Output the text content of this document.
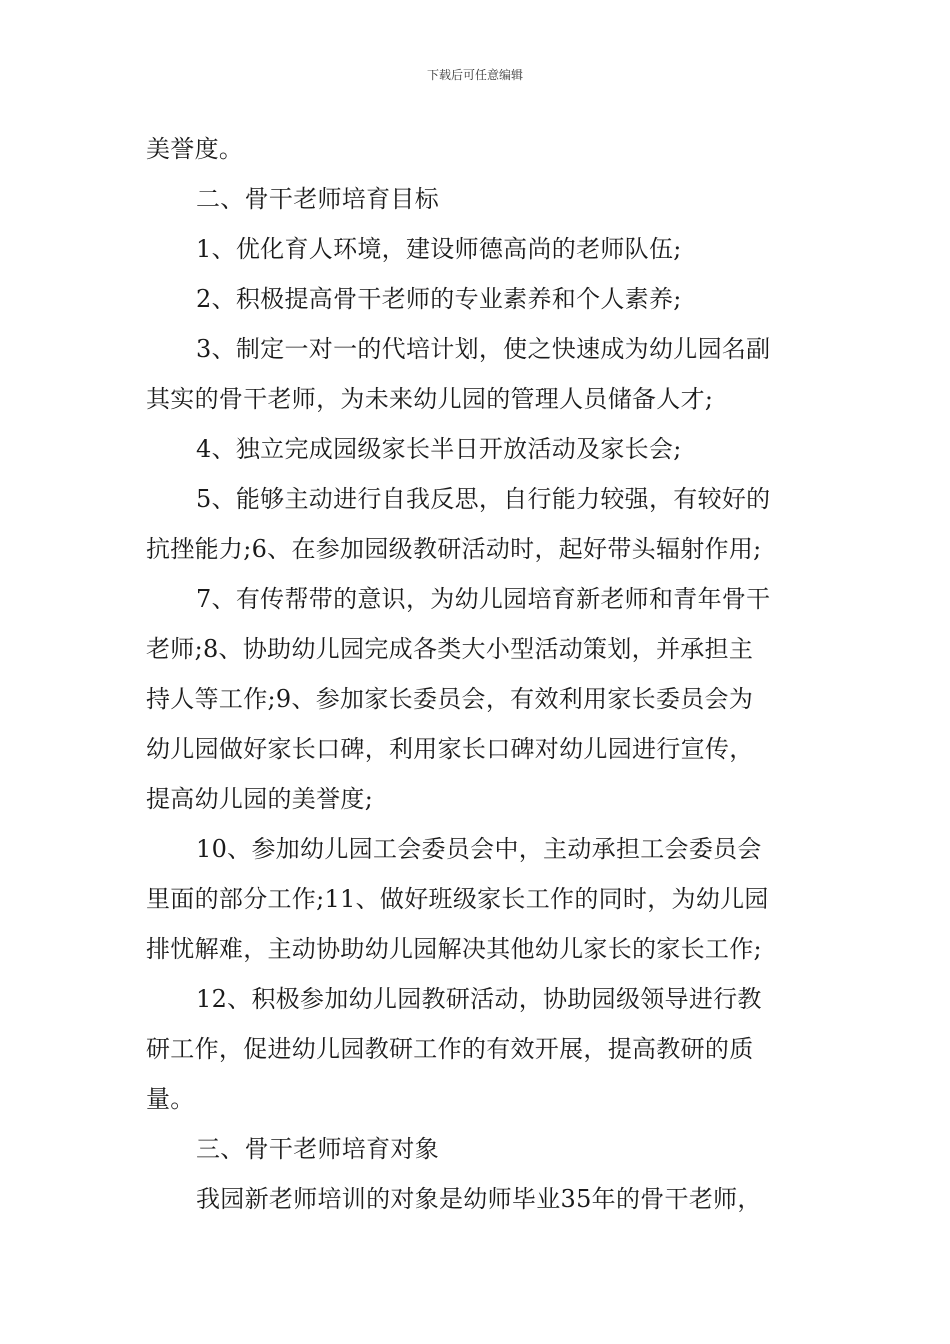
下载后可任意编辑
美誉度。
二、骨干老师培育目标
1、优化育人环境，建设师德高尚的老师队伍;
2、积极提高骨干老师的专业素养和个人素养;
3、制定一对一的代培计划，使之快速成为幼儿园名副
其实的骨干老师，为未来幼儿园的管理人员储备人才;
4、独立完成园级家长半日开放活动及家长会;
5、能够主动进行自我反思，自行能力较强，有较好的
抗挫能力;6、在参加园级教研活动时，起好带头辐射作用;
7、有传帮带的意识，为幼儿园培育新老师和青年骨干
老师;8、协助幼儿园完成各类大小型活动策划，并承担主
持人等工作;9、参加家长委员会，有效利用家长委员会为
幼儿园做好家长口碑，利用家长口碑对幼儿园进行宣传，
提高幼儿园的美誉度;
10、参加幼儿园工会委员会中，主动承担工会委员会
里面的部分工作;11、做好班级家长工作的同时，为幼儿园
排忧解难，主动协助幼儿园解决其他幼儿家长的家长工作;
12、积极参加幼儿园教研活动，协助园级领导进行教
研工作，促进幼儿园教研工作的有效开展，提高教研的质
量。
三、骨干老师培育对象
我园新老师培训的对象是幼师毕业35年的骨干老师，
